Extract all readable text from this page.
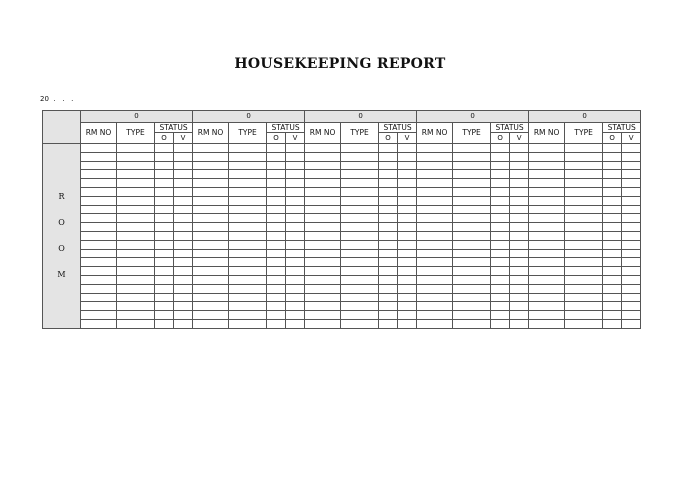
HOUSEKEEPING REPORT
20  .   .   .
	0				0				0				0				0			
	RM NO	TYPE	STATUS		RM NO	TYPE	STATUS		RM NO	TYPE	STATUS		RM NO	TYPE	STATUS		RM NO	TYPE	STATUS	
			O	V			O	V			O	V			O	V			O	V

R
O
O
M																				
